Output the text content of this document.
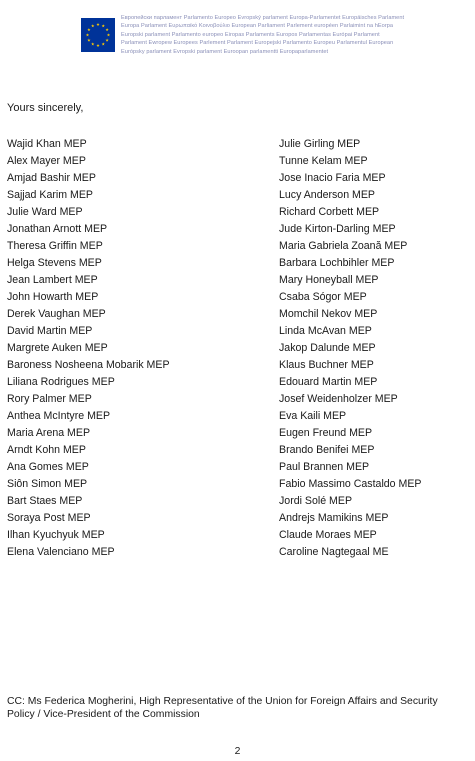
Европейски парламент Parlamento Europeo Evropský parlament Europa-Parlamentet Europäisches Parlament
Europa Parlament Ευρωπαϊκό Κοινοβούλιο European Parliament Parlement européen Parlaimint na hEorpa
Europski parlament Parlamento europeo Eiropas Parlaments Europos Parlamentas Európai Parlament
Parlament Ewropew Europees Parlement Parlament Europejski Parlamento Europeu Parlamentul European
Európsky parlament Evropski parlament Euroopan parlamentti Europaparlamentet
Yours sincerely,
Wajid Khan MEP
Alex Mayer MEP
Amjad Bashir MEP
Sajjad Karim MEP
Julie Ward MEP
Jonathan Arnott MEP
Theresa Griffin MEP
Helga Stevens MEP
Jean Lambert MEP
John Howarth MEP
Derek Vaughan MEP
David Martin MEP
Margrete Auken MEP
Baroness Nosheena Mobarik MEP
Liliana Rodrigues MEP
Rory Palmer MEP
Anthea McIntyre MEP
Maria Arena MEP
Arndt Kohn MEP
Ana Gomes MEP
Siôn Simon MEP
Bart Staes MEP
Soraya Post MEP
Ilhan Kyuchyuk MEP
Elena Valenciano MEP
Julie Girling MEP
Tunne Kelam MEP
Jose Inacio Faria MEP
Lucy Anderson MEP
Richard Corbett MEP
Jude Kirton-Darling MEP
Maria Gabriela Zoană MEP
Barbara Lochbihler MEP
Mary Honeyball MEP
Csaba Sógor MEP
Momchil Nekov MEP
Linda McAvan MEP
Jakop Dalunde MEP
Klaus Buchner MEP
Edouard Martin MEP
Josef Weidenholzer MEP
Eva Kaili MEP
Eugen Freund MEP
Brando Benifei MEP
Paul Brannen MEP
Fabio Massimo Castaldo MEP
Jordi Solé MEP
Andrejs Mamikins MEP
Claude Moraes MEP
Caroline Nagtegaal ME
CC: Ms Federica Mogherini, High Representative of the Union for Foreign Affairs and Security Policy / Vice-President of the Commission
2
